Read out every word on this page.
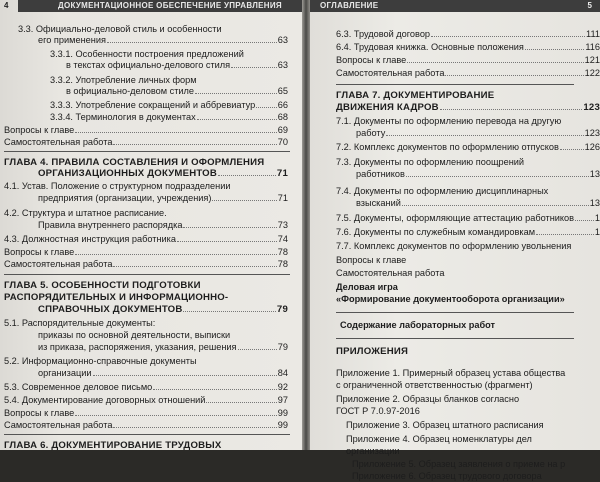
ДОКУМЕНТАЦИОННОЕ ОБЕСПЕЧЕНИЕ УПРАВЛЕНИЯ
4
3.3. Официально-деловой стиль и особенности
его применения	63
3.3.1. Особенности построения предложений
в текстах официально-делового стиля	63
3.3.2. Употребление личных форм
в официально-деловом стиле	65
3.3.3. Употребление сокращений и аббревиатур 66
3.3.4. Терминология в документах	68
Вопросы к главе	69
Самостоятельная работа	70
ГЛАВА 4. ПРАВИЛА СОСТАВЛЕНИЯ И ОФОРМЛЕНИЯ
ОРГАНИЗАЦИОННЫХ ДОКУМЕНТОВ	71
4.1. Устав. Положение о структурном подразделении
предприятия (организации, учреждения)	71
4.2. Структура и штатное расписание.
Правила внутреннего распорядка	73
4.3. Должностная инструкция работника	74
Вопросы к главе	78
Самостоятельная работа	78
ГЛАВА 5. ОСОБЕННОСТИ ПОДГОТОВКИ
РАСПОРЯДИТЕЛЬНЫХ И ИНФОРМАЦИОННО-
СПРАВОЧНЫХ ДОКУМЕНТОВ	79
5.1. Распорядительные документы:
приказы по основной деятельности, выписки
из приказа, распоряжения, указания, решения	79
5.2. Информационно-справочные документы
организации	84
5.3. Современное деловое письмо	92
5.4. Документирование договорных отношений	97
Вопросы к главе	99
Самостоятельная работа	99
ГЛАВА 6. ДОКУМЕНТИРОВАНИЕ ТРУДОВЫХ
ОГЛАВЛЕНИЕ	5
6.3. Трудовой договор	111
6.4. Трудовая книжка. Основные положения	116
Вопросы к главе	121
Самостоятельная работа	122
ГЛАВА 7. ДОКУМЕНТИРОВАНИЕ
ДВИЖЕНИЯ КАДРОВ	123
7.1. Документы по оформлению перевода на другую
работу	123
7.2. Комплекс документов по оформлению отпусков	126
7.3. Документы по оформлению поощрений
работников	13
7.4. Документы по оформлению дисциплинарных
взысканий	13
7.5. Документы, оформляющие аттестацию работников 1
7.6. Документы по служебным командировкам	1
7.7. Комплекс документов по оформлению увольнения
Вопросы к главе
Самостоятельная работа
Деловая игра
«Формирование документооборота организации»
Содержание лабораторных работ
ПРИЛОЖЕНИЯ
Приложение 1. Примерный образец устава общества
с ограниченной ответственностью (фрагмент)
Приложение 2. Образцы бланков согласно
ГОСТ Р 7.0.97-2016
Приложение 3. Образец штатного расписания
Приложение 4. Образец номенклатуры дел
организации
Приложение 5. Образец заявления о приеме на р
Приложение 6. Образец трудового договора
